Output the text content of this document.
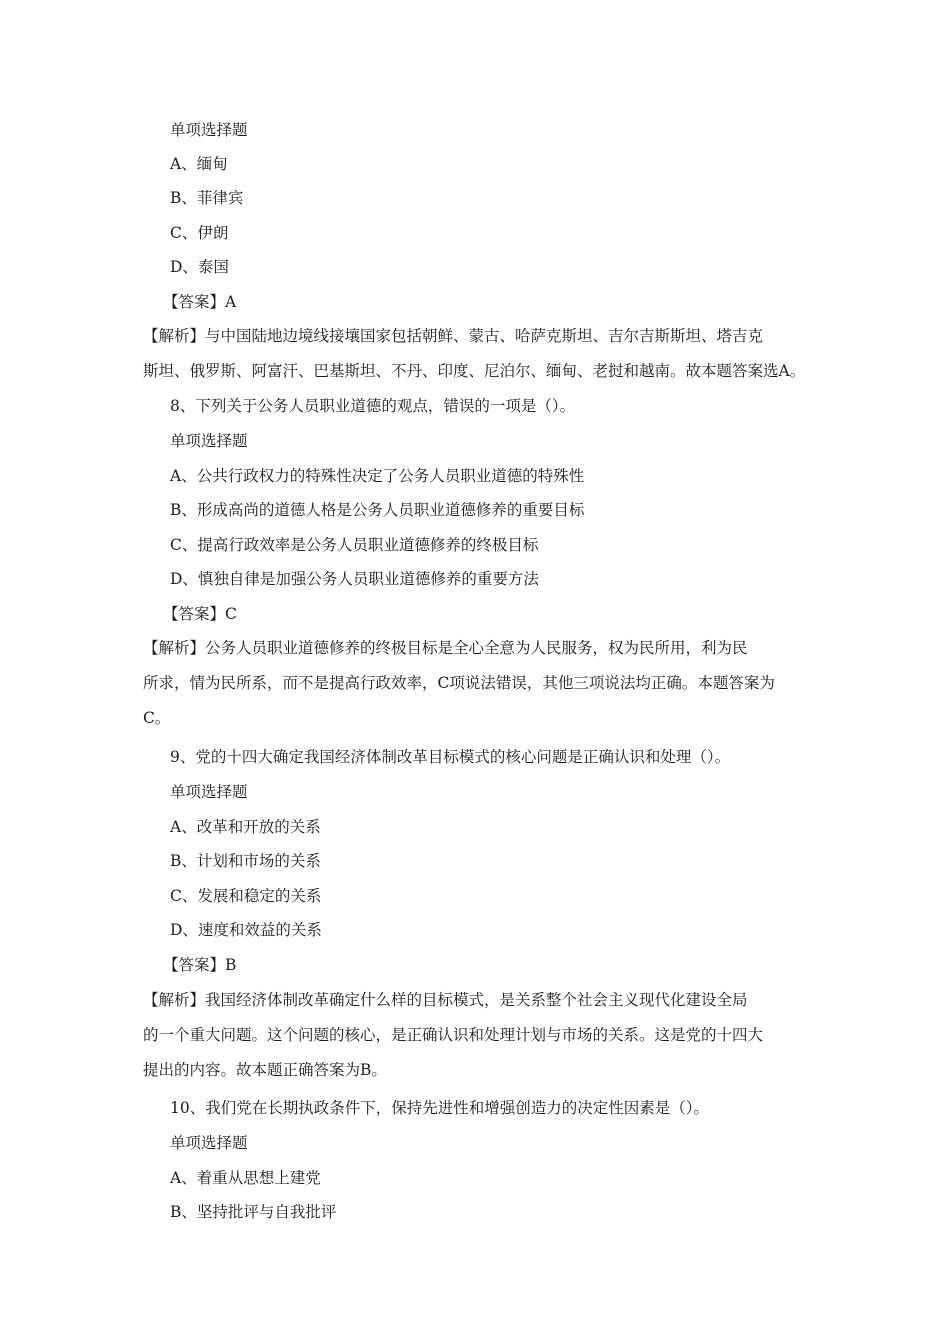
单项选择题
A、缅甸
B、菲律宾
C、伊朗
D、泰国
【答案】A
【解析】与中国陆地边境线接壤国家包括朝鲜、蒙古、哈萨克斯坦、吉尔吉斯斯坦、塔吉克
斯坦、俄罗斯、阿富汗、巴基斯坦、不丹、印度、尼泊尔、缅甸、老挝和越南。故本题答案选A。
8、下列关于公务人员职业道德的观点，错误的一项是（）。
单项选择题
A、公共行政权力的特殊性决定了公务人员职业道德的特殊性
B、形成高尚的道德人格是公务人员职业道德修养的重要目标
C、提高行政效率是公务人员职业道德修养的终极目标
D、慎独自律是加强公务人员职业道德修养的重要方法
【答案】C
【解析】公务人员职业道德修养的终极目标是全心全意为人民服务，权为民所用，利为民
所求，情为民所系，而不是提高行政效率，C项说法错误，其他三项说法均正确。本题答案为
C。
9、党的十四大确定我国经济体制改革目标模式的核心问题是正确认识和处理（）。
单项选择题
A、改革和开放的关系
B、计划和市场的关系
C、发展和稳定的关系
D、速度和效益的关系
【答案】B
【解析】我国经济体制改革确定什么样的目标模式，是关系整个社会主义现代化建设全局
的一个重大问题。这个问题的核心，是正确认识和处理计划与市场的关系。这是党的十四大
提出的内容。故本题正确答案为B。
10、我们党在长期执政条件下，保持先进性和增强创造力的决定性因素是（）。
单项选择题
A、着重从思想上建党
B、坚持批评与自我批评
